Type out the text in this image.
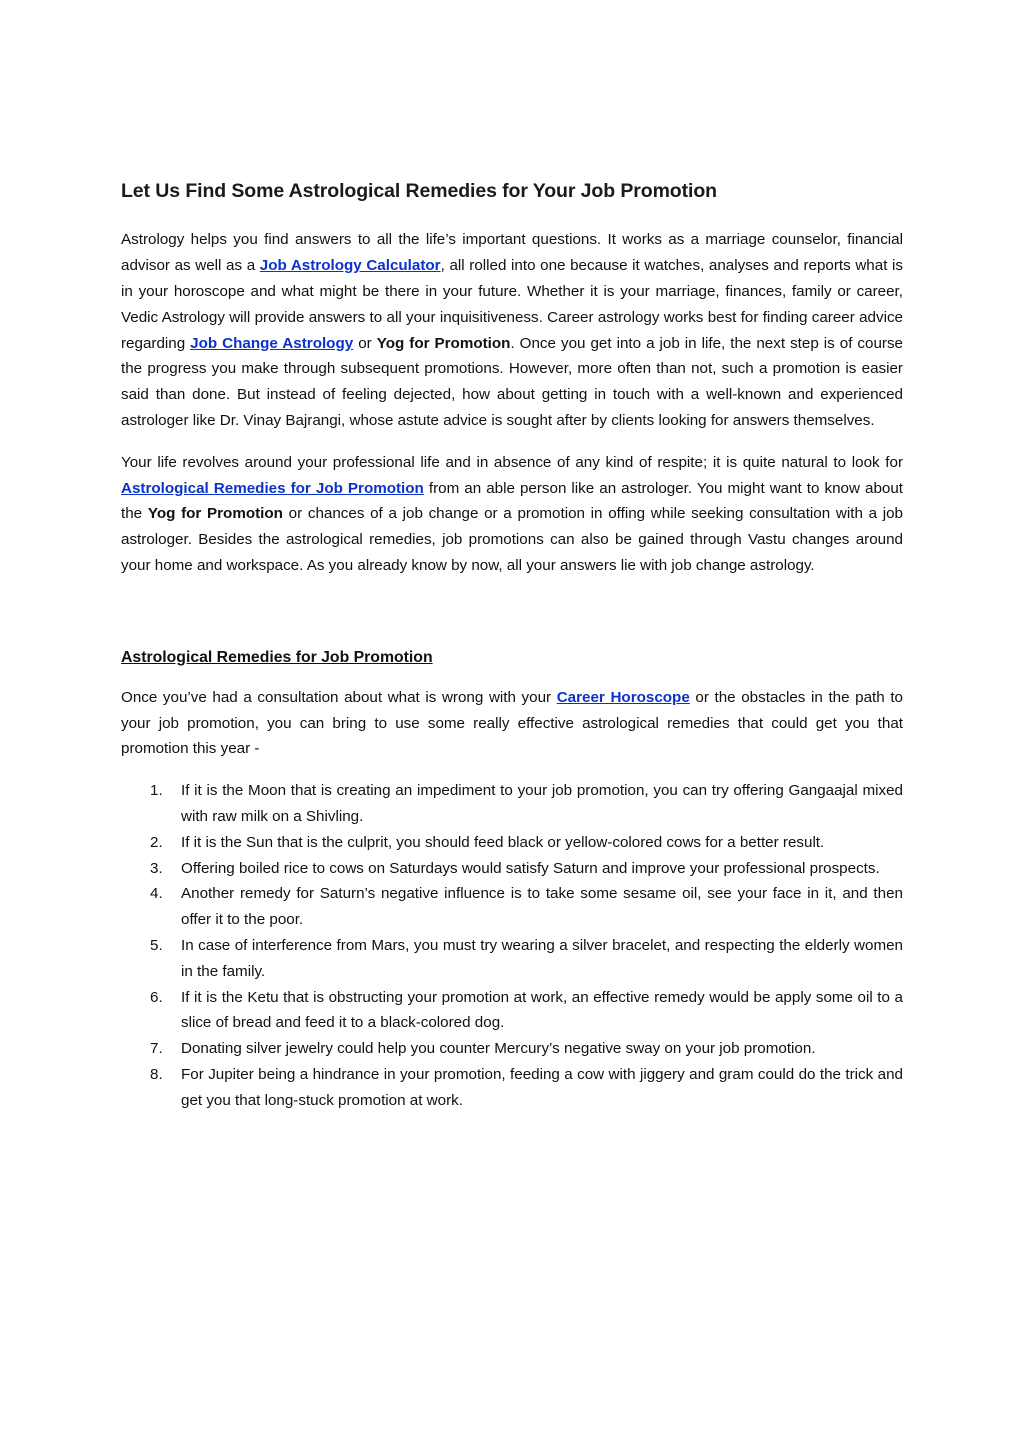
Let Us Find Some Astrological Remedies for Your Job Promotion

Astrology helps you find answers to all the life’s important questions. It works as a marriage counselor, financial advisor as well as a Job Astrology Calculator, all rolled into one because it watches, analyses and reports what is in your horoscope and what might be there in your future. Whether it is your marriage, finances, family or career, Vedic Astrology will provide answers to all your inquisitiveness. Career astrology works best for finding career advice regarding Job Change Astrology or Yog for Promotion. Once you get into a job in life, the next step is of course the progress you make through subsequent promotions. However, more often than not, such a promotion is easier said than done. But instead of feeling dejected, how about getting in touch with a well-known and experienced astrologer like Dr. Vinay Bajrangi, whose astute advice is sought after by clients looking for answers themselves.

Your life revolves around your professional life and in absence of any kind of respite; it is quite natural to look for Astrological Remedies for Job Promotion from an able person like an astrologer. You might want to know about the Yog for Promotion or chances of a job change or a promotion in offing while seeking consultation with a job astrologer. Besides the astrological remedies, job promotions can also be gained through Vastu changes around your home and workspace. As you already know by now, all your answers lie with job change astrology.

Astrological Remedies for Job Promotion

Once you’ve had a consultation about what is wrong with your Career Horoscope or the obstacles in the path to your job promotion, you can bring to use some really effective astrological remedies that could get you that promotion this year -

1. If it is the Moon that is creating an impediment to your job promotion, you can try offering Gangaajal mixed with raw milk on a Shivling.
2. If it is the Sun that is the culprit, you should feed black or yellow-colored cows for a better result.
3. Offering boiled rice to cows on Saturdays would satisfy Saturn and improve your professional prospects.
4. Another remedy for Saturn’s negative influence is to take some sesame oil, see your face in it, and then offer it to the poor.
5. In case of interference from Mars, you must try wearing a silver bracelet, and respecting the elderly women in the family.
6. If it is the Ketu that is obstructing your promotion at work, an effective remedy would be apply some oil to a slice of bread and feed it to a black-colored dog.
7. Donating silver jewelry could help you counter Mercury’s negative sway on your job promotion.
8. For Jupiter being a hindrance in your promotion, feeding a cow with jiggery and gram could do the trick and get you that long-stuck promotion at work.
